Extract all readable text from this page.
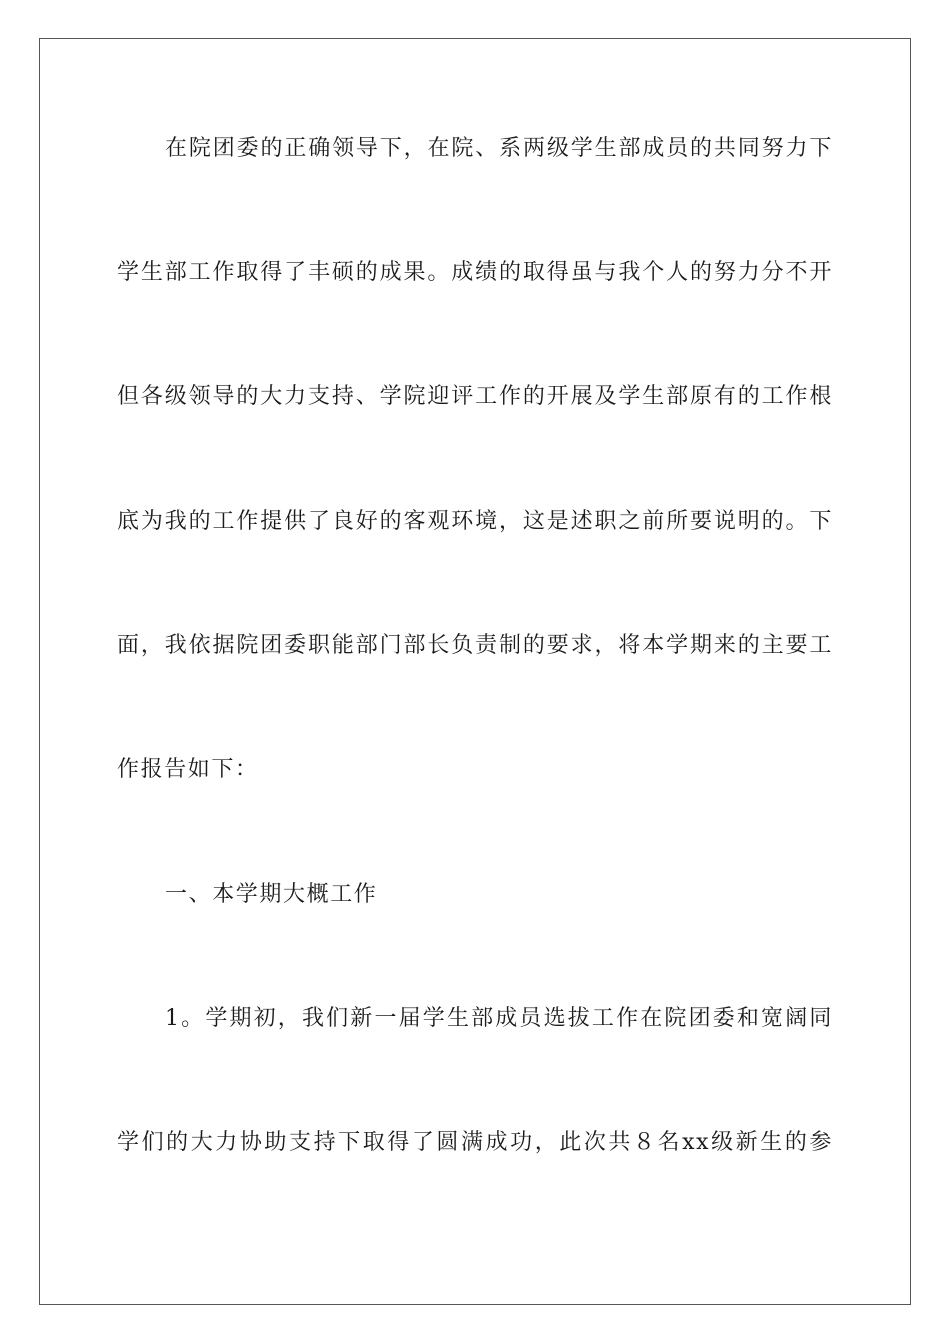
在院团委的正确领导下，在院、系两级学生部成员的共同努力下
学生部工作取得了丰硕的成果。成绩的取得虽与我个人的努力分不开
但各级领导的大力支持、学院迎评工作的开展及学生部原有的工作根
底为我的工作提供了良好的客观环境，这是述职之前所要说明的。下
面，我依据院团委职能部门部长负责制的要求，将本学期来的主要工
作报告如下：
一、本学期大概工作
1。学期初，我们新一届学生部成员选拔工作在院团委和宽阔同
学们的大力协助支持下取得了圆满成功，此次共８名xx级新生的参
